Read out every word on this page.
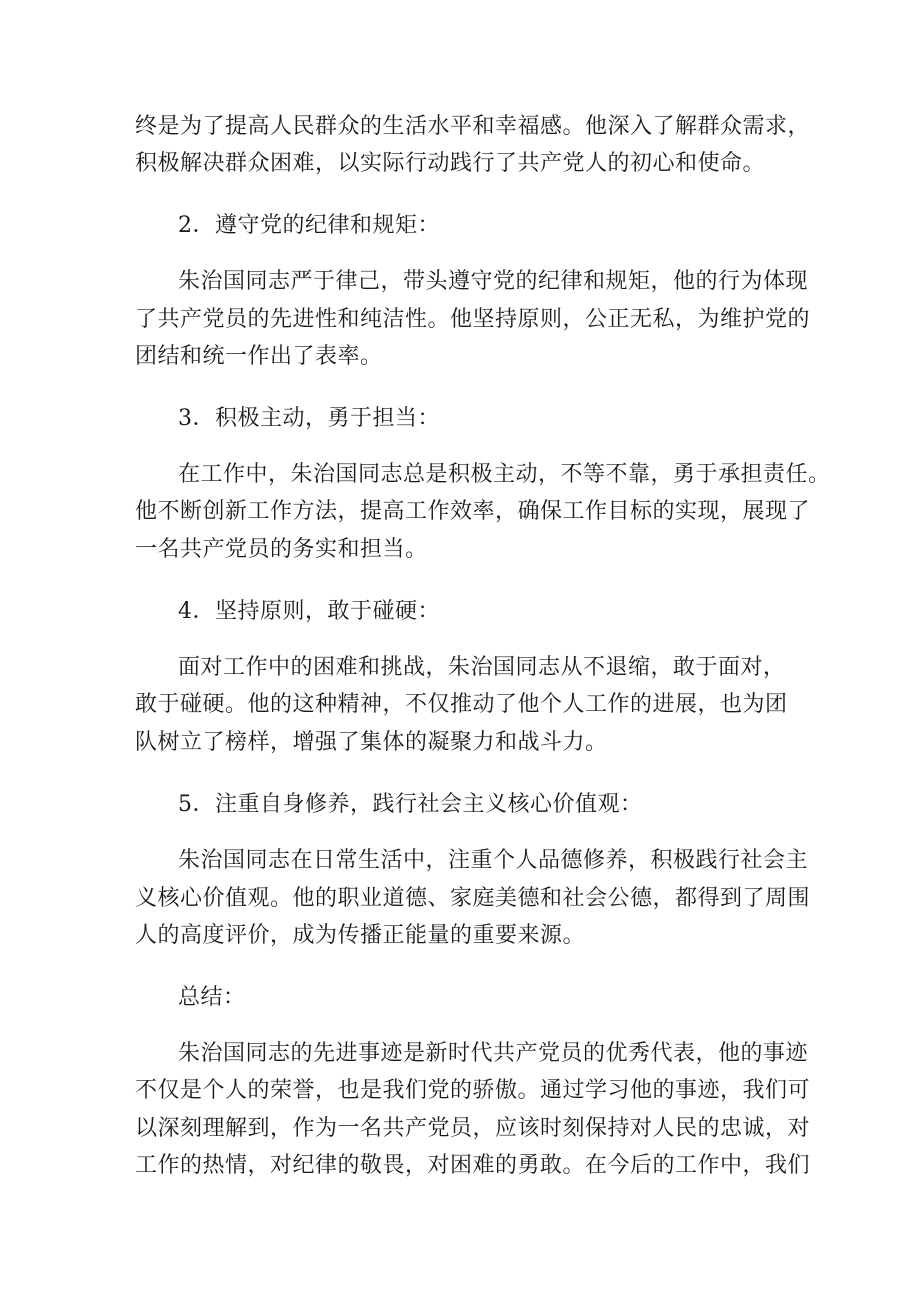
终是为了提高人民群众的生活水平和幸福感。他深入了解群众需求，
积极解决群众困难，以实际行动践行了共产党人的初心和使命。
2．遵守党的纪律和规矩：
朱治国同志严于律己，带头遵守党的纪律和规矩，他的行为体现
了共产党员的先进性和纯洁性。他坚持原则，公正无私，为维护党的
团结和统一作出了表率。
3．积极主动，勇于担当：
在工作中，朱治国同志总是积极主动，不等不靠，勇于承担责任。
他不断创新工作方法，提高工作效率，确保工作目标的实现，展现了
一名共产党员的务实和担当。
4．坚持原则，敢于碰硬：
面对工作中的困难和挑战，朱治国同志从不退缩，敢于面对，
敢于碰硬。他的这种精神，不仅推动了他个人工作的进展，也为团
队树立了榜样，增强了集体的凝聚力和战斗力。
5．注重自身修养，践行社会主义核心价值观：
朱治国同志在日常生活中，注重个人品德修养，积极践行社会主
义核心价值观。他的职业道德、家庭美德和社会公德，都得到了周围
人的高度评价，成为传播正能量的重要来源。
总结：
朱治国同志的先进事迹是新时代共产党员的优秀代表，他的事迹
不仅是个人的荣誉，也是我们党的骄傲。通过学习他的事迹，我们可
以深刻理解到，作为一名共产党员，应该时刻保持对人民的忠诚，对
工作的热情，对纪律的敬畏，对困难的勇敢。在今后的工作中，我们
